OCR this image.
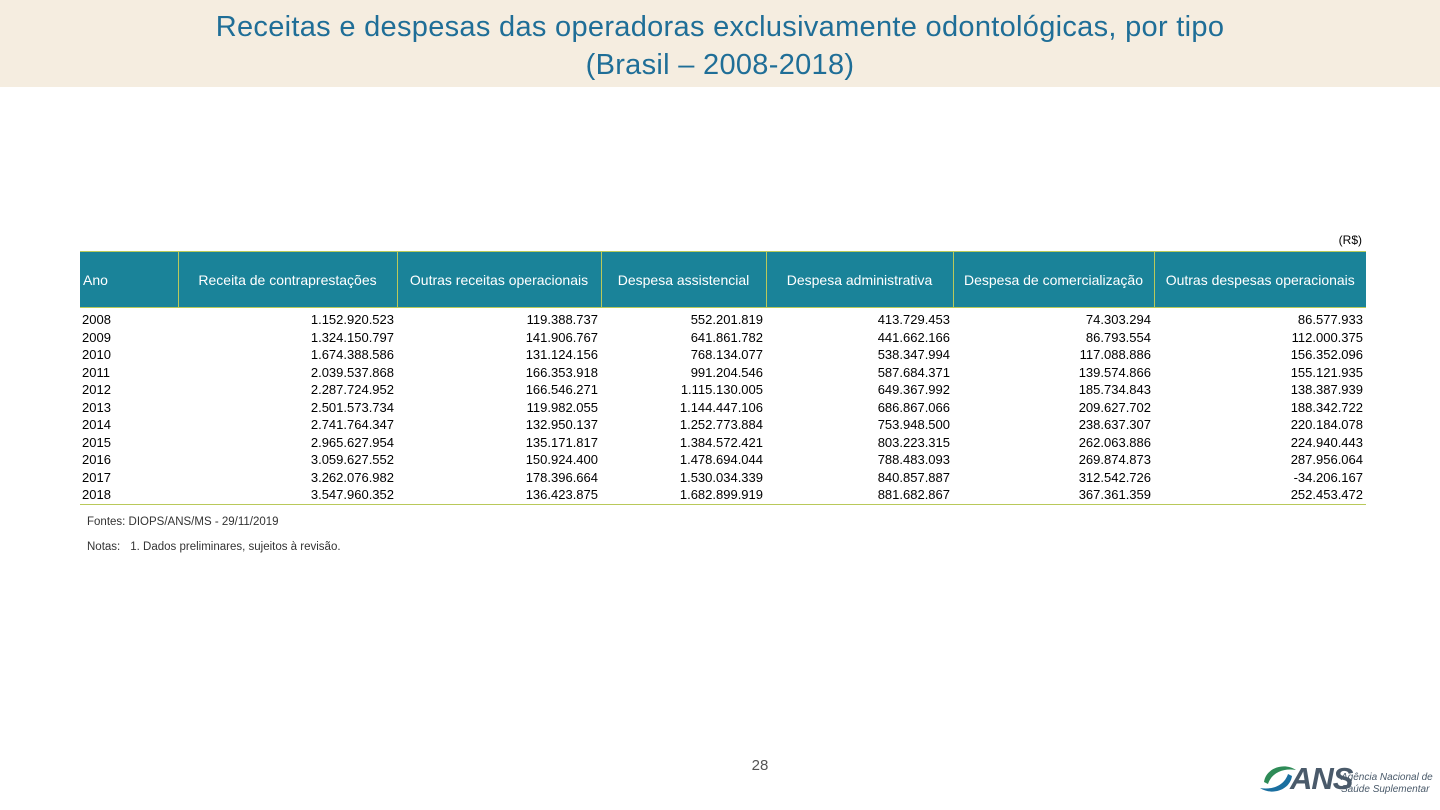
Receitas e despesas das operadoras exclusivamente odontológicas, por tipo
(Brasil – 2008-2018)
(R$)
Ano	Receita de contraprestações	Outras receitas operacionais	Despesa assistencial	Despesa administrativa	Despesa de comercialização	Outras despesas operacionais
2008	1.152.920.523	119.388.737	552.201.819	413.729.453	74.303.294	86.577.933
2009	1.324.150.797	141.906.767	641.861.782	441.662.166	86.793.554	112.000.375
2010	1.674.388.586	131.124.156	768.134.077	538.347.994	117.088.886	156.352.096
2011	2.039.537.868	166.353.918	991.204.546	587.684.371	139.574.866	155.121.935
2012	2.287.724.952	166.546.271	1.115.130.005	649.367.992	185.734.843	138.387.939
2013	2.501.573.734	119.982.055	1.144.447.106	686.867.066	209.627.702	188.342.722
2014	2.741.764.347	132.950.137	1.252.773.884	753.948.500	238.637.307	220.184.078
2015	2.965.627.954	135.171.817	1.384.572.421	803.223.315	262.063.886	224.940.443
2016	3.059.627.552	150.924.400	1.478.694.044	788.483.093	269.874.873	287.956.064
2017	3.262.076.982	178.396.664	1.530.034.339	840.857.887	312.542.726	-34.206.167
2018	3.547.960.352	136.423.875	1.682.899.919	881.682.867	367.361.359	252.453.472
Fontes: DIOPS/ANS/MS - 29/11/2019
Notas: 1. Dados preliminares, sujeitos à revisão.
28	ANS
Agência Nacional de
Saúde Suplementar
